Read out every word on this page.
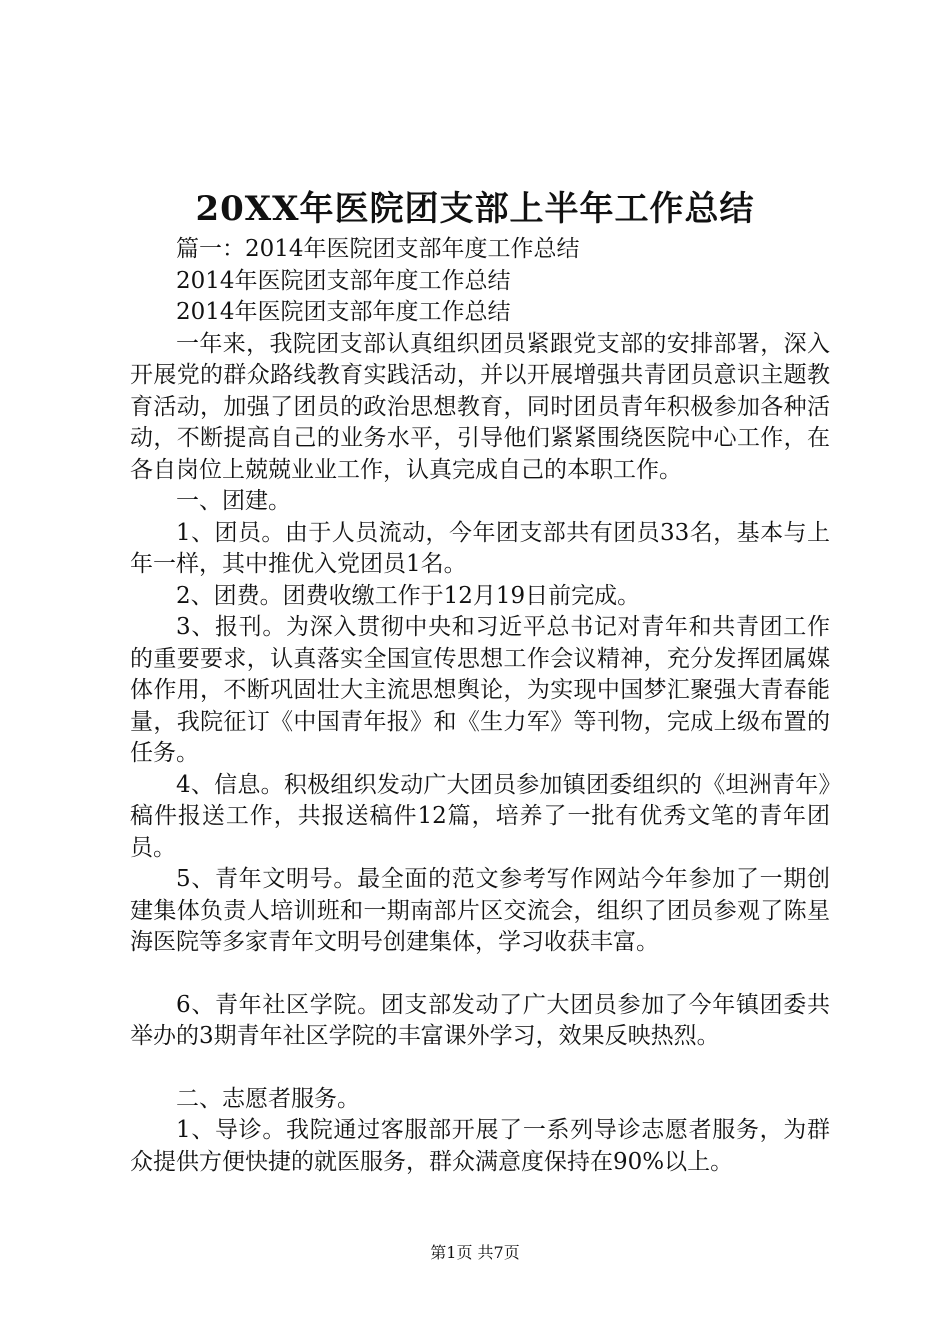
20XX年医院团支部上半年工作总结

篇一：2014年医院团支部年度工作总结

2014年医院团支部年度工作总结

2014年医院团支部年度工作总结

一年来，我院团支部认真组织团员紧跟党支部的安排部署，深入开展党的群众路线教育实践活动，并以开展增强共青团员意识主题教育活动，加强了团员的政治思想教育，同时团员青年积极参加各种活动，不断提高自己的业务水平，引导他们紧紧围绕医院中心工作，在各自岗位上兢兢业业工作，认真完成自己的本职工作。

一、团建。

1、团员。由于人员流动，今年团支部共有团员33名，基本与上年一样，其中推优入党团员1名。

2、团费。团费收缴工作于12月19日前完成。

3、报刊。为深入贯彻中央和习近平总书记对青年和共青团工作的重要要求，认真落实全国宣传思想工作会议精神，充分发挥团属媒体作用，不断巩固壮大主流思想舆论，为实现中国梦汇聚强大青春能量，我院征订《中国青年报》和《生力军》等刊物，完成上级布置的任务。

4、信息。积极组织发动广大团员参加镇团委组织的《坦洲青年》稿件报送工作，共报送稿件12篇，培养了一批有优秀文笔的青年团员。

5、青年文明号。最全面的范文参考写作网站今年参加了一期创建集体负责人培训班和一期南部片区交流会，组织了团员参观了陈星海医院等多家青年文明号创建集体，学习收获丰富。

6、青年社区学院。团支部发动了广大团员参加了今年镇团委共举办的3期青年社区学院的丰富课外学习，效果反映热烈。

二、志愿者服务。

1、导诊。我院通过客服部开展了一系列导诊志愿者服务，为群众提供方便快捷的就医服务，群众满意度保持在90%以上。

第1页 共7页
